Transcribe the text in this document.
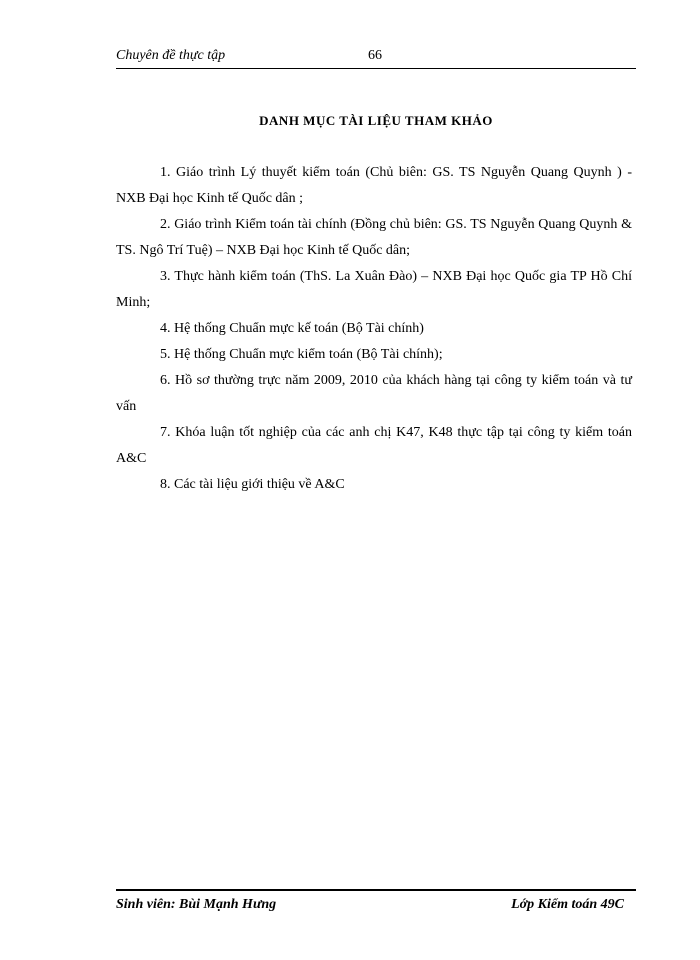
Chuyên đề thực tập	66
DANH MỤC TÀI LIỆU THAM KHẢO
1. Giáo trình Lý thuyết kiểm toán (Chủ biên: GS. TS Nguyễn Quang Quynh ) - NXB Đại học Kinh tế Quốc dân ;
2. Giáo trình Kiểm toán tài chính (Đồng chủ biên: GS. TS Nguyễn Quang Quynh & TS. Ngô Trí Tuệ) – NXB Đại học Kinh tế Quốc dân;
3. Thực hành kiểm toán (ThS. La Xuân Đào) – NXB Đại học Quốc gia TP Hồ Chí Minh;
4. Hệ thống Chuẩn mực kế toán (Bộ Tài chính)
5. Hệ thống Chuẩn mực kiểm toán (Bộ Tài chính);
6. Hồ sơ thường trực năm 2009, 2010 của khách hàng tại công ty kiểm toán và tư vấn
7. Khóa luận tốt nghiệp của các anh chị K47, K48 thực tập tại công ty kiểm toán A&C
8. Các tài liệu giới thiệu về A&C
Sinh viên: Bùi Mạnh Hưng	Lớp Kiểm toán 49C
